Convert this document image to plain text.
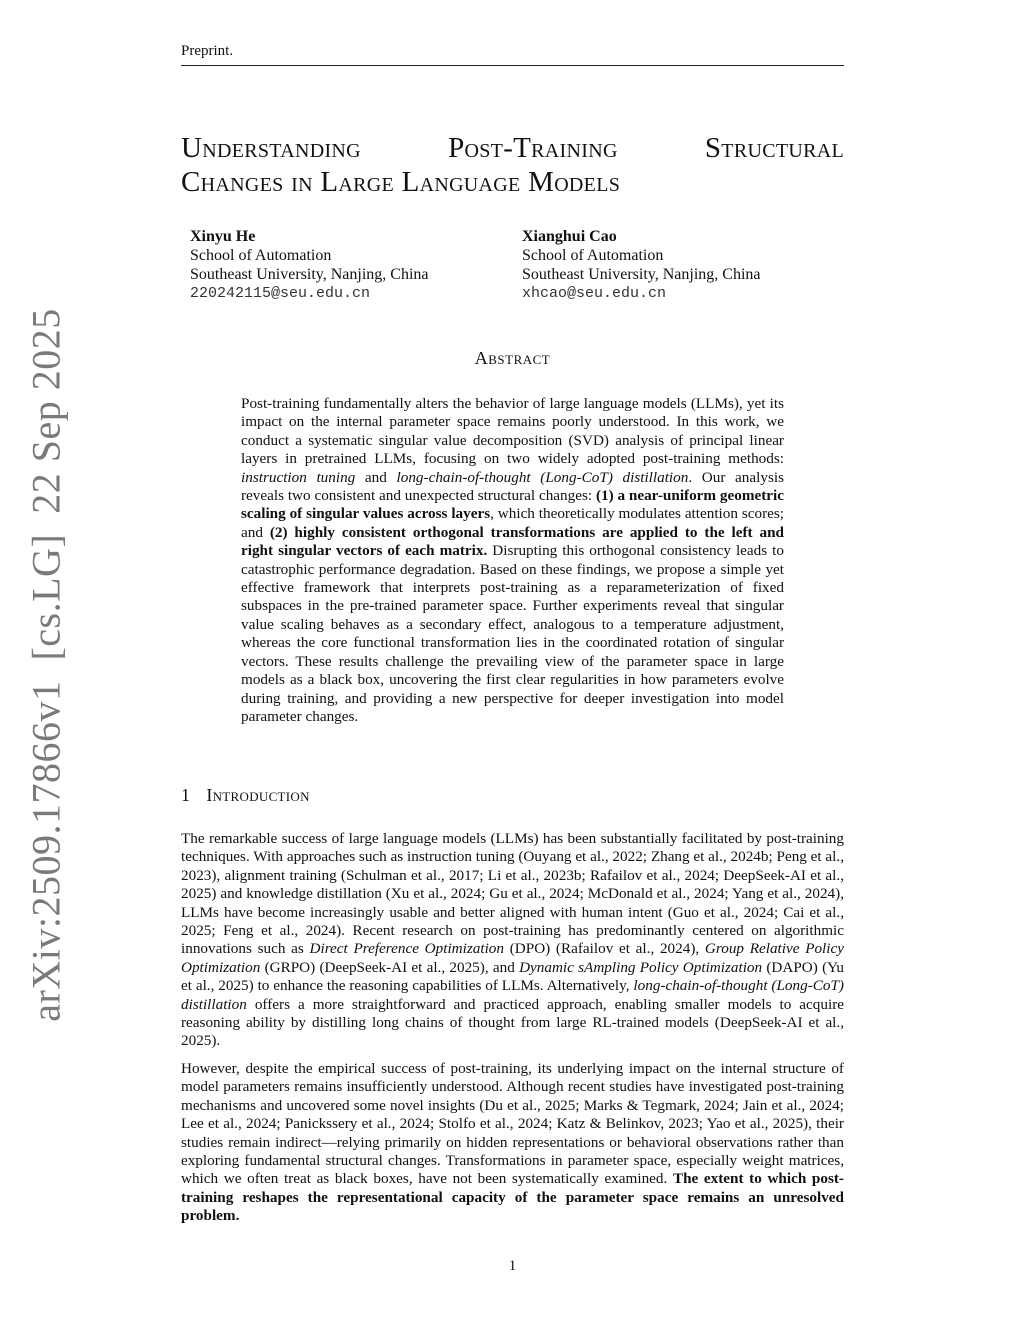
Preprint.
Understanding Post-Training Structural
Changes in Large Language Models
Xinyu He
School of Automation
Southeast University, Nanjing, China
220242115@seu.edu.cn
Xianghui Cao
School of Automation
Southeast University, Nanjing, China
xhcao@seu.edu.cn
Abstract
Post-training fundamentally alters the behavior of large language models (LLMs), yet its impact on the internal parameter space remains poorly understood. In this work, we conduct a systematic singular value decomposition (SVD) analysis of principal linear layers in pretrained LLMs, focusing on two widely adopted post-training methods: instruction tuning and long-chain-of-thought (Long-CoT) distillation. Our analysis reveals two consistent and unexpected structural changes: (1) a near-uniform geometric scaling of singular values across layers, which theoretically modulates attention scores; and (2) highly consistent orthogonal transformations are applied to the left and right singular vectors of each matrix. Disrupting this orthogonal consistency leads to catastrophic performance degradation. Based on these findings, we propose a simple yet effective framework that interprets post-training as a reparameterization of fixed subspaces in the pre-trained parameter space. Further experiments reveal that singular value scaling behaves as a secondary effect, analogous to a temperature adjustment, whereas the core functional transformation lies in the coordinated rotation of singular vectors. These results challenge the prevailing view of the parameter space in large models as a black box, uncovering the first clear regularities in how parameters evolve during training, and providing a new perspective for deeper investigation into model parameter changes.
1 Introduction
The remarkable success of large language models (LLMs) has been substantially facilitated by post-training techniques. With approaches such as instruction tuning (Ouyang et al., 2022; Zhang et al., 2024b; Peng et al., 2023), alignment training (Schulman et al., 2017; Li et al., 2023b; Rafailov et al., 2024; DeepSeek-AI et al., 2025) and knowledge distillation (Xu et al., 2024; Gu et al., 2024; McDonald et al., 2024; Yang et al., 2024), LLMs have become increasingly usable and better aligned with human intent (Guo et al., 2024; Cai et al., 2025; Feng et al., 2024). Recent research on post-training has predominantly centered on algorithmic innovations such as Direct Preference Optimization (DPO) (Rafailov et al., 2024), Group Relative Policy Optimization (GRPO) (DeepSeek-AI et al., 2025), and Dynamic sAmpling Policy Optimization (DAPO) (Yu et al., 2025) to enhance the reasoning capabilities of LLMs. Alternatively, long-chain-of-thought (Long-CoT) distillation offers a more straightforward and practiced approach, enabling smaller models to acquire reasoning ability by distilling long chains of thought from large RL-trained models (DeepSeek-AI et al., 2025).
However, despite the empirical success of post-training, its underlying impact on the internal structure of model parameters remains insufficiently understood. Although recent studies have investigated post-training mechanisms and uncovered some novel insights (Du et al., 2025; Marks & Tegmark, 2024; Jain et al., 2024; Lee et al., 2024; Panickssery et al., 2024; Stolfo et al., 2024; Katz & Belinkov, 2023; Yao et al., 2025), their studies remain indirect—relying primarily on hidden representations or behavioral observations rather than exploring fundamental structural changes. Transformations in parameter space, especially weight matrices, which we often treat as black boxes, have not been systematically examined. The extent to which post-training reshapes the representational capacity of the parameter space remains an unresolved problem.
1
arXiv:2509.17866v1[cs.LG]22 Sep 2025
